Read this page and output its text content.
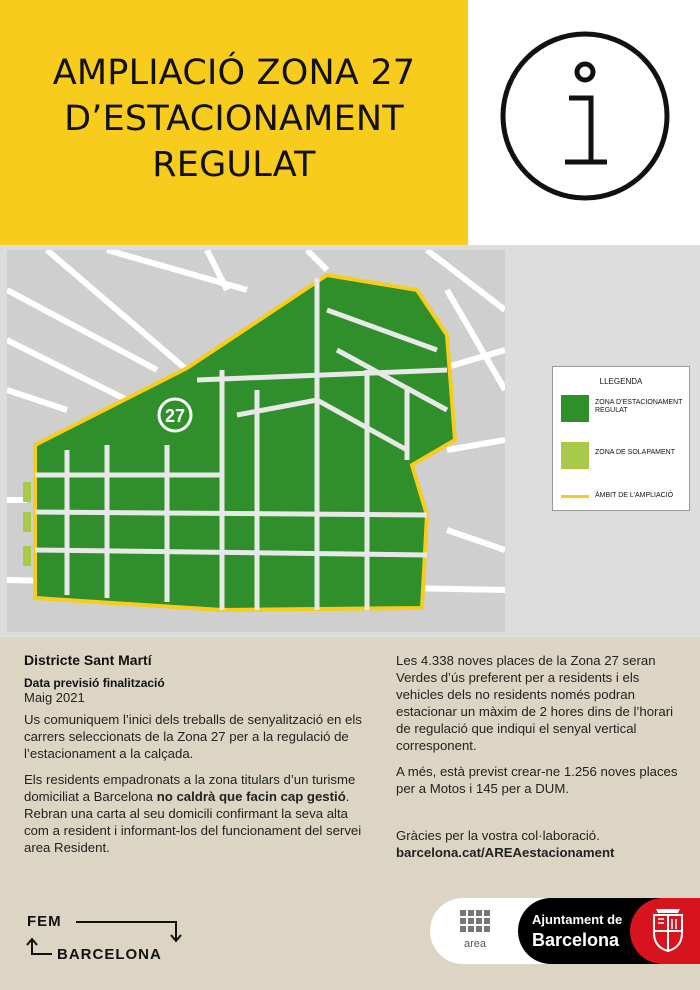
AMPLIACIÓ ZONA 27
D’ESTACIONAMENT
REGULAT
27
LLEGENDA
ZONA D’ESTACIONAMENT REGULAT
ZONA DE SOLAPAMENT
ÀMBIT DE L’AMPLIACIÓ

Districte Sant Martí

Data previsió finalització

Maig 2021

Us comuniquem l’inici dels treballs de senyalització en els carrers seleccionats de la Zona 27 per a la regulació de l’estacionament a la calçada.

Els residents empadronats a la zona titulars d’un turisme domiciliat a Barcelona no caldrà que facin cap gestió. Rebran una carta al seu domicili confirmant la seva alta com a resident i informant-los del funcionament del servei area Resident.

Les 4.338 noves places de la Zona 27 seran Verdes d’ús preferent per a residents i els vehicles dels no residents només podran estacionar un màxim de 2 hores dins de l’horari de regulació que indiqui el senyal vertical corresponent.

A més, està previst crear-ne 1.256 noves places per a Motos i 145 per a DUM.

Gràcies per la vostra col·laboració.

barcelona.cat/AREAestacionament

FEM
BARCELONA
area
Ajuntament de
Barcelona
